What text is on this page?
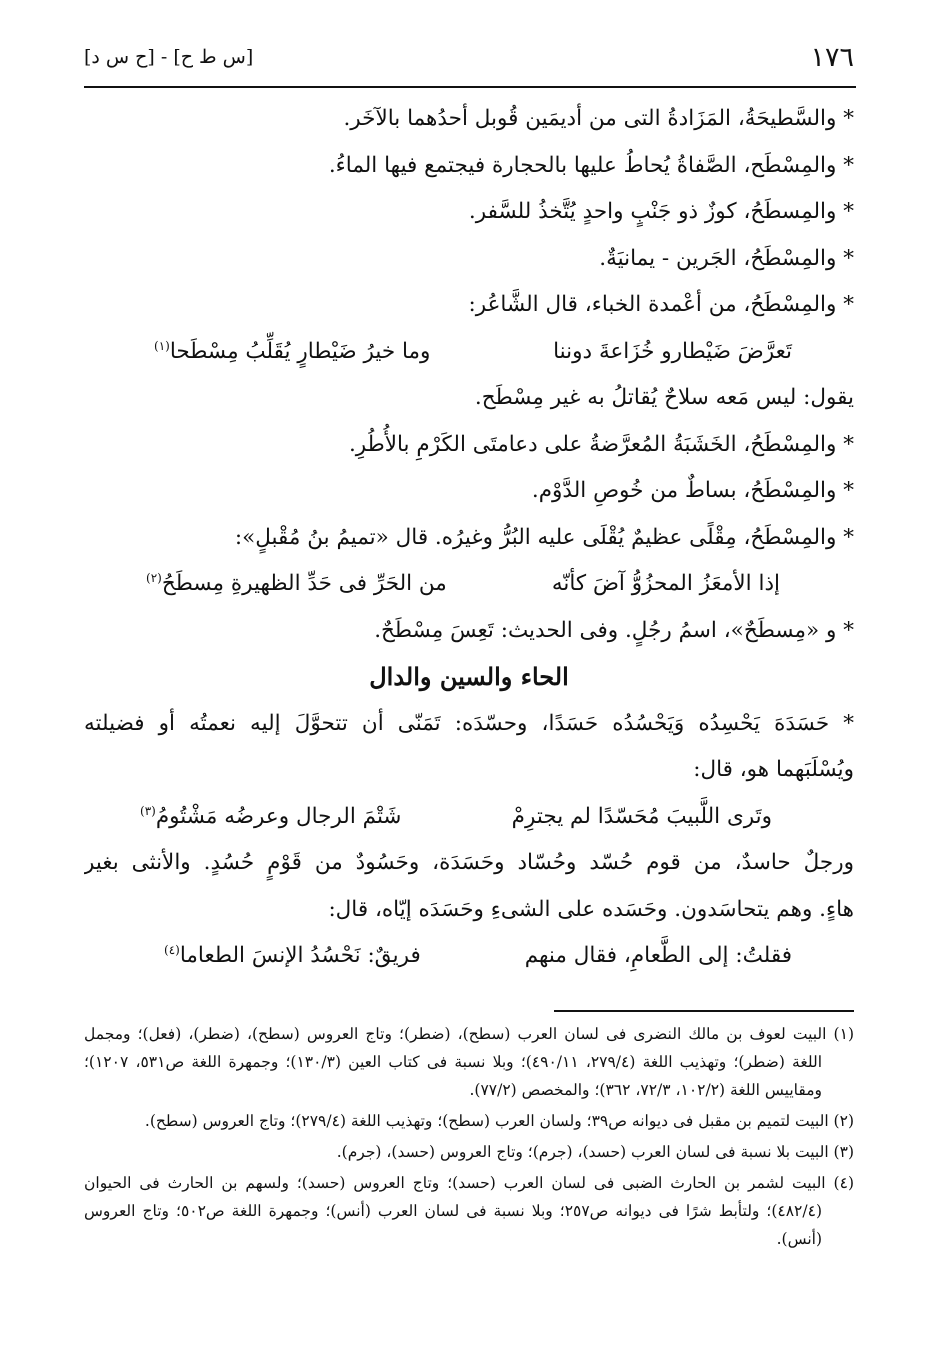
١٧٦
[س ط ح] - [ح س د]
* والسَّطيحَةُ، المَزَادةُ التى من أديمَين قُوبل أحدُهما بالآخَر.
* والمِسْطَح، الصَّفاةُ يُحاطُ عليها بالحجارة فيجتمع فيها الماءُ.
* والمِسطَحُ، كوزٌ ذو جَنْبٍ واحدٍ يُتَّخذُ للسَّفر.
* والمِسْطَحُ، الجَرين - يمانيَةٌ.
* والمِسْطَحُ، من أعْمدة الخباء، قال الشَّاعُر:
تَعرَّضَ ضَيْطارو خُزَاعةَ دوننا
وما خيرُ ضَيْطارٍ يُقَلِّبُ مِسْطَحا$^{(١)}$
يقول: ليس مَعه سلاحٌ يُقاتلُ به غير مِسْطَح.
* والمِسْطَحُ، الخَشَبَةُ المُعرَّضةُ على دعامتَى الكَرْمِ بالأُطُرِ.
* والمِسْطَحُ، بساطٌ من خُوصِ الدَّوْم.
* والمِسْطَحُ، مِقْلًى عظيمٌ يُقْلَى عليه البُرُّ وغيرُه. قال «تميمُ بنُ مُقْبلٍ»:
إذا الأمعَزُ المحزُوُّ آضَ كأنّه
من الحَرِّ فى حَدِّ الظهيرةِ مِسطَحُ$^{(٢)}$
* و «مِسطَحٌ»، اسمُ رجُلٍ. وفى الحديث: تَعِسَ مِسْطَحٌ.
الحاء والسين والدال
* حَسَدَهَ يَحْسِدُه وَيَحْسُدُه حَسَدًا، وحسّدَه: تَمَنّى أن تتحوَّلَ إليه نعمتُه أو فضيلته
ويُسْلَبَهما هو، قال:
وتَرى اللَّبيبَ مُحَسّدًا لم يجترِمْ
شَتْمَ الرجال وعرضُه مَشْتُومُ$^{(٣)}$
ورجلٌ حاسدٌ، من قوم حُسّد وحُسّاد وحَسَدَة، وحَسُودٌ من قَوْمٍ حُسُدٍ. والأنثى بغير
هاءٍ. وهم يتحاسَدون. وحَسَده على الشىءِ وحَسَدَه إيّاه، قال:
فقلتُ: إلى الطَّعامِ، فقال منهم
فريقٌ: نَحْسُدُ الإنسَ الطعاما$^{(٤)}$

(١) البيت لعوف بن مالك النضرى فى لسان العرب (سطح)، (ضطر)؛ وتاج العروس (سطح)، (ضطر)، (فعل)؛ ومجمل اللغة (ضطر)؛ وتهذيب اللغة (٢٧٩/٤، ٤٩٠/١١)؛ وبلا نسبة فى كتاب العين (١٣٠/٣)؛ وجمهرة اللغة ص٥٣١، ١٢٠٧)؛ ومقاييس اللغة (١٠٢/٢، ٧٢/٣، ٣٦٢)؛ والمخصص (٧٧/٢).

(٢) البيت لتميم بن مقبل فى ديوانه ص٣٩؛ ولسان العرب (سطح)؛ وتهذيب اللغة (٢٧٩/٤)؛ وتاج العروس (سطح).

(٣) البيت بلا نسبة فى لسان العرب (حسد)، (جرم)؛ وتاج العروس (حسد)، (جرم).

(٤) البيت لشمر بن الحارث الضبى فى لسان العرب (حسد)؛ وتاج العروس (حسد)؛ ولسهم بن الحارث فى الحيوان (٤٨٢/٤)؛ ولتأبط شرًا فى ديوانه ص٢٥٧؛ وبلا نسبة فى لسان العرب (أنس)؛ وجمهرة اللغة ص٥٠٢؛ وتاج العروس (أنس).
